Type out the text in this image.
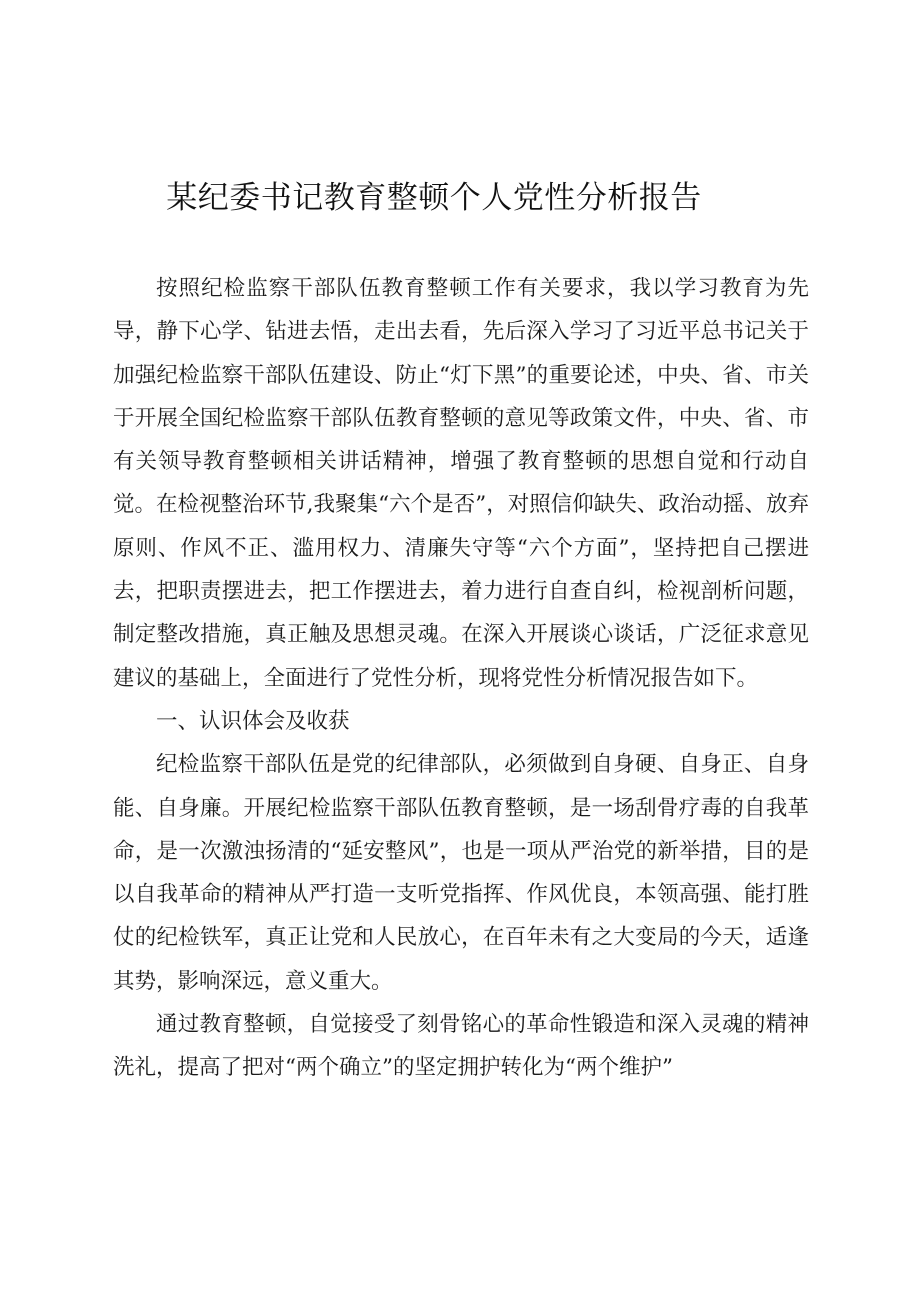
某纪委书记教育整顿个人党性分析报告

按照纪检监察干部队伍教育整顿工作有关要求，我以学习教育为先导，静下心学、钻进去悟，走出去看，先后深入学习了习近平总书记关于加强纪检监察干部队伍建设、防止“灯下黑”的重要论述，中央、省、市关于开展全国纪检监察干部队伍教育整顿的意见等政策文件，中央、省、市有关领导教育整顿相关讲话精神，增强了教育整顿的思想自觉和行动自觉。在检视整治环节,我聚集“六个是否”，对照信仰缺失、政治动摇、放弃原则、作风不正、滥用权力、清廉失守等“六个方面”，坚持把自己摆进去，把职责摆进去，把工作摆进去，着力进行自查自纠，检视剖析问题，制定整改措施，真正触及思想灵魂。在深入开展谈心谈话，广泛征求意见建议的基础上，全面进行了党性分析，现将党性分析情况报告如下。

一、认识体会及收获

纪检监察干部队伍是党的纪律部队，必须做到自身硬、自身正、自身能、自身廉。开展纪检监察干部队伍教育整顿，是一场刮骨疗毒的自我革命，是一次激浊扬清的“延安整风”，也是一项从严治党的新举措，目的是以自我革命的精神从严打造一支听党指挥、作风优良，本领高强、能打胜仗的纪检铁军，真正让党和人民放心，在百年未有之大变局的今天，适逢其势，影响深远，意义重大。

通过教育整顿，自觉接受了刻骨铭心的革命性锻造和深入灵魂的精神洗礼，提高了把对“两个确立”的坚定拥护转化为“两个维护”
